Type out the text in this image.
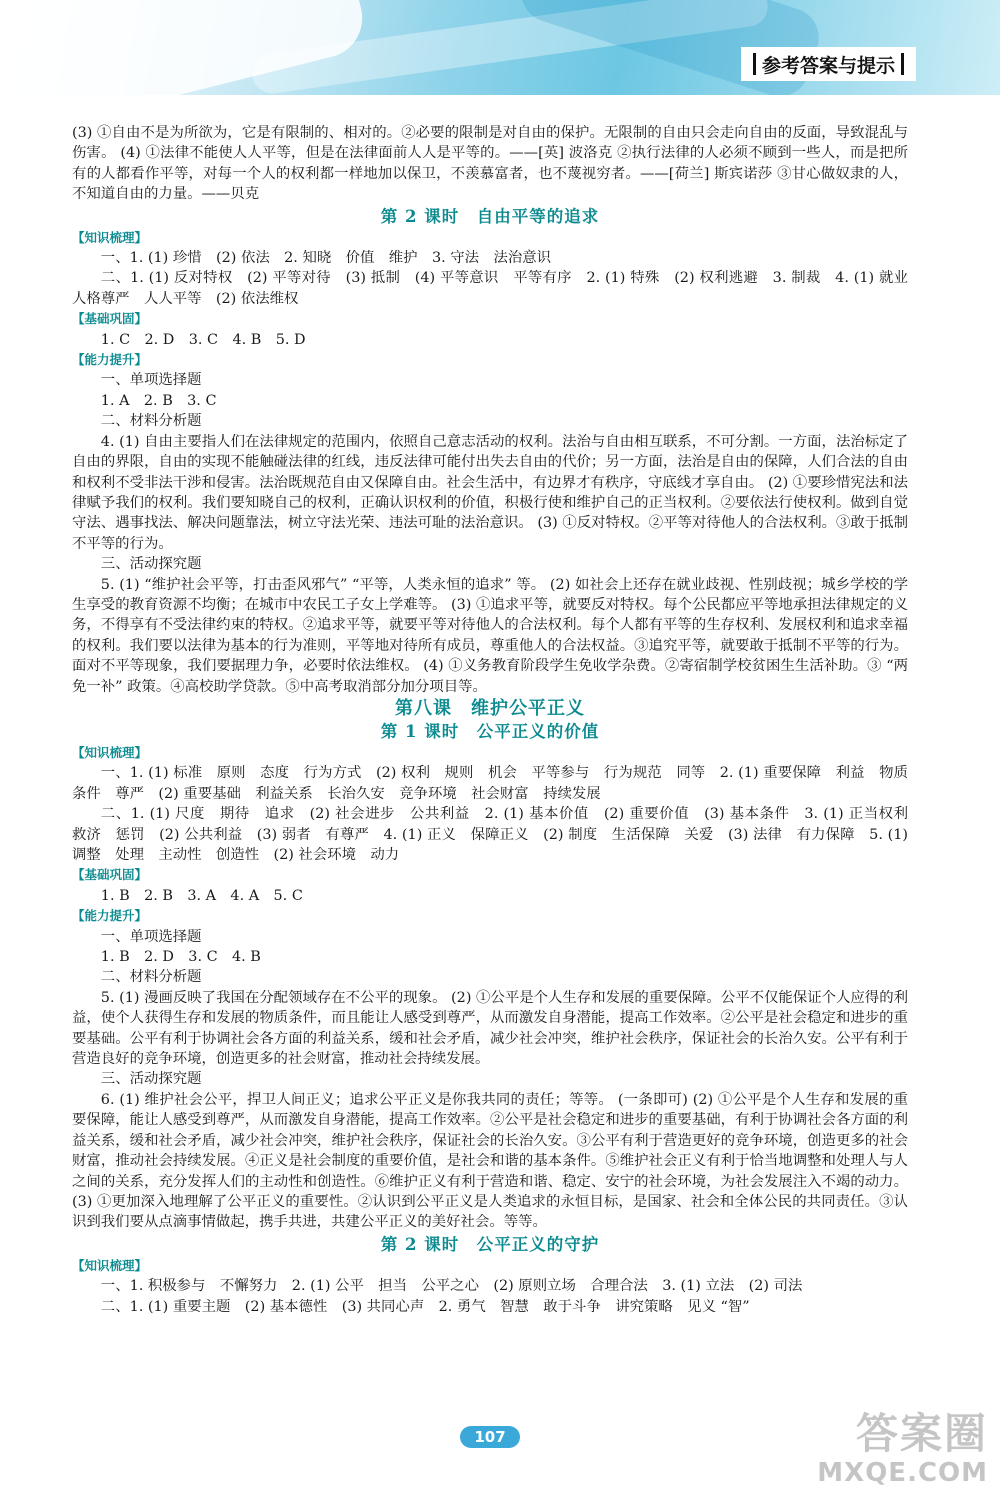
参考答案与提示

(3) ①自由不是为所欲为，它是有限制的、相对的。②必要的限制是对自由的保护。无限制的自由只会走向自由的反面，导致混乱与伤害。 (4) ①法律不能使人人平等，但是在法律面前人人是平等的。——[英] 波洛克 ②执行法律的人必须不顾到一些人，而是把所有的人都看作平等，对每一个人的权利都一样地加以保卫，不羡慕富者，也不蔑视穷者。——[荷兰] 斯宾诺莎 ③甘心做奴隶的人，不知道自由的力量。——贝克

第 2 课时　自由平等的追求

【知识梳理】

一、1. (1) 珍惜　(2) 依法　2. 知晓　价值　维护　3. 守法　法治意识

二、1. (1) 反对特权　(2) 平等对待　(3) 抵制　(4) 平等意识　平等有序　2. (1) 特殊　(2) 权利逃避　3. 制裁　4. (1) 就业　人格尊严　人人平等　(2) 依法维权

【基础巩固】

1. C　2. D　3. C　4. B　5. D

【能力提升】

一、单项选择题

1. A　2. B　3. C

二、材料分析题

4. (1) 自由主要指人们在法律规定的范围内，依照自己意志活动的权利。法治与自由相互联系，不可分割。一方面，法治标定了自由的界限，自由的实现不能触碰法律的红线，违反法律可能付出失去自由的代价；另一方面，法治是自由的保障，人们合法的自由和权利不受非法干涉和侵害。法治既规范自由又保障自由。社会生活中，有边界才有秩序，守底线才享自由。 (2) ①要珍惜宪法和法律赋予我们的权利。我们要知晓自己的权利，正确认识权利的价值，积极行使和维护自己的正当权利。②要依法行使权利。做到自觉守法、遇事找法、解决问题靠法，树立守法光荣、违法可耻的法治意识。 (3) ①反对特权。②平等对待他人的合法权利。③敢于抵制不平等的行为。

三、活动探究题

5. (1) “维护社会平等，打击歪风邪气” “平等，人类永恒的追求” 等。 (2) 如社会上还存在就业歧视、性别歧视；城乡学校的学生享受的教育资源不均衡；在城市中农民工子女上学难等。 (3) ①追求平等，就要反对特权。每个公民都应平等地承担法律规定的义务，不得享有不受法律约束的特权。②追求平等，就要平等对待他人的合法权利。每个人都有平等的生存权利、发展权利和追求幸福的权利。我们要以法律为基本的行为准则，平等地对待所有成员，尊重他人的合法权益。③追究平等，就要敢于抵制不平等的行为。面对不平等现象，我们要据理力争，必要时依法维权。 (4) ①义务教育阶段学生免收学杂费。②寄宿制学校贫困生生活补助。③ “两免一补” 政策。④高校助学贷款。⑤中高考取消部分加分项目等。

第八课　维护公平正义

第 1 课时　公平正义的价值

【知识梳理】

一、1. (1) 标准　原则　态度　行为方式　(2) 权利　规则　机会　平等参与　行为规范　同等　2. (1) 重要保障　利益　物质条件　尊严　(2) 重要基础　利益关系　长治久安　竞争环境　社会财富　持续发展

二、1. (1) 尺度　期待　追求　(2) 社会进步　公共利益　2. (1) 基本价值　(2) 重要价值　(3) 基本条件　3. (1) 正当权利　救济　惩罚　(2) 公共利益　(3) 弱者　有尊严　4. (1) 正义　保障正义　(2) 制度　生活保障　关爱　(3) 法律　有力保障　5. (1) 调整　处理　主动性　创造性　(2) 社会环境　动力

【基础巩固】

1. B　2. B　3. A　4. A　5. C

【能力提升】

一、单项选择题

1. B　2. D　3. C　4. B

二、材料分析题

5. (1) 漫画反映了我国在分配领域存在不公平的现象。 (2) ①公平是个人生存和发展的重要保障。公平不仅能保证个人应得的利益，使个人获得生存和发展的物质条件，而且能让人感受到尊严，从而激发自身潜能，提高工作效率。②公平是社会稳定和进步的重要基础。公平有利于协调社会各方面的利益关系，缓和社会矛盾，减少社会冲突，维护社会秩序，保证社会的长治久安。公平有利于营造良好的竞争环境，创造更多的社会财富，推动社会持续发展。

三、活动探究题

6. (1) 维护社会公平，捍卫人间正义；追求公平正义是你我共同的责任；等等。 (一条即可) (2) ①公平是个人生存和发展的重要保障，能让人感受到尊严，从而激发自身潜能，提高工作效率。②公平是社会稳定和进步的重要基础，有利于协调社会各方面的利益关系，缓和社会矛盾，减少社会冲突，维护社会秩序，保证社会的长治久安。③公平有利于营造更好的竞争环境，创造更多的社会财富，推动社会持续发展。④正义是社会制度的重要价值，是社会和谐的基本条件。⑤维护社会正义有利于恰当地调整和处理人与人之间的关系，充分发挥人们的主动性和创造性。⑥维护正义有利于营造和谐、稳定、安宁的社会环境，为社会发展注入不竭的动力。 (3) ①更加深入地理解了公平正义的重要性。②认识到公平正义是人类追求的永恒目标，是国家、社会和全体公民的共同责任。③认识到我们要从点滴事情做起，携手共进，共建公平正义的美好社会。等等。

第 2 课时　公平正义的守护

【知识梳理】

一、1. 积极参与　不懈努力　2. (1) 公平　担当　公平之心　(2) 原则立场　合理合法　3. (1) 立法　(2) 司法

二、1. (1) 重要主题　(2) 基本德性　(3) 共同心声　2. 勇气　智慧　敢于斗争　讲究策略　见义 “智”

107	答案圈
MXQE.COM
